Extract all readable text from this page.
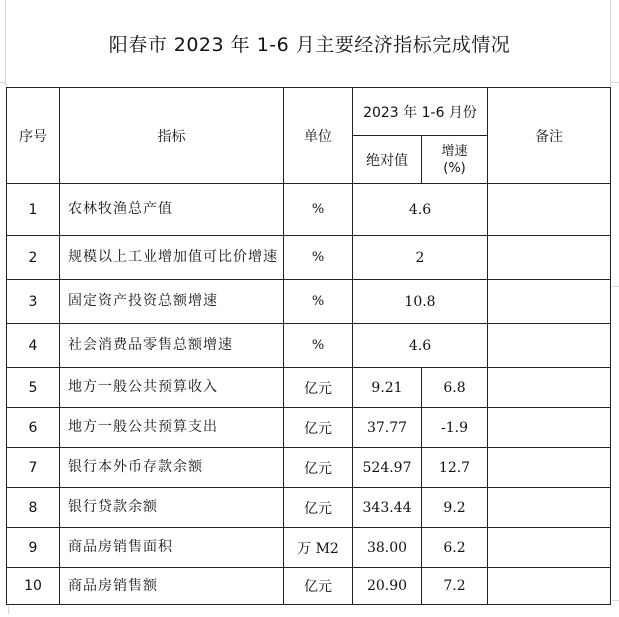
阳春市 2023 年 1-6 月主要经济指标完成情况
序号	指标	单位	2023 年 1-6 月份		备注
			绝对值	增速
(%)	
1	农林牧渔总产值	%	4.6		
2	规模以上工业增加值可比价增速	%	2		
3	固定资产投资总额增速	%	10.8		
4	社会消费品零售总额增速	%	4.6		
5	地方一般公共预算收入	亿元	9.21	6.8	
6	地方一般公共预算支出	亿元	37.77	-1.9	
7	银行本外币存款余额	亿元	524.97	12.7	
8	银行贷款余额	亿元	343.44	9.2	
9	商品房销售面积	万 M2	38.00	6.2	
10	商品房销售额	亿元	20.90	7.2	
